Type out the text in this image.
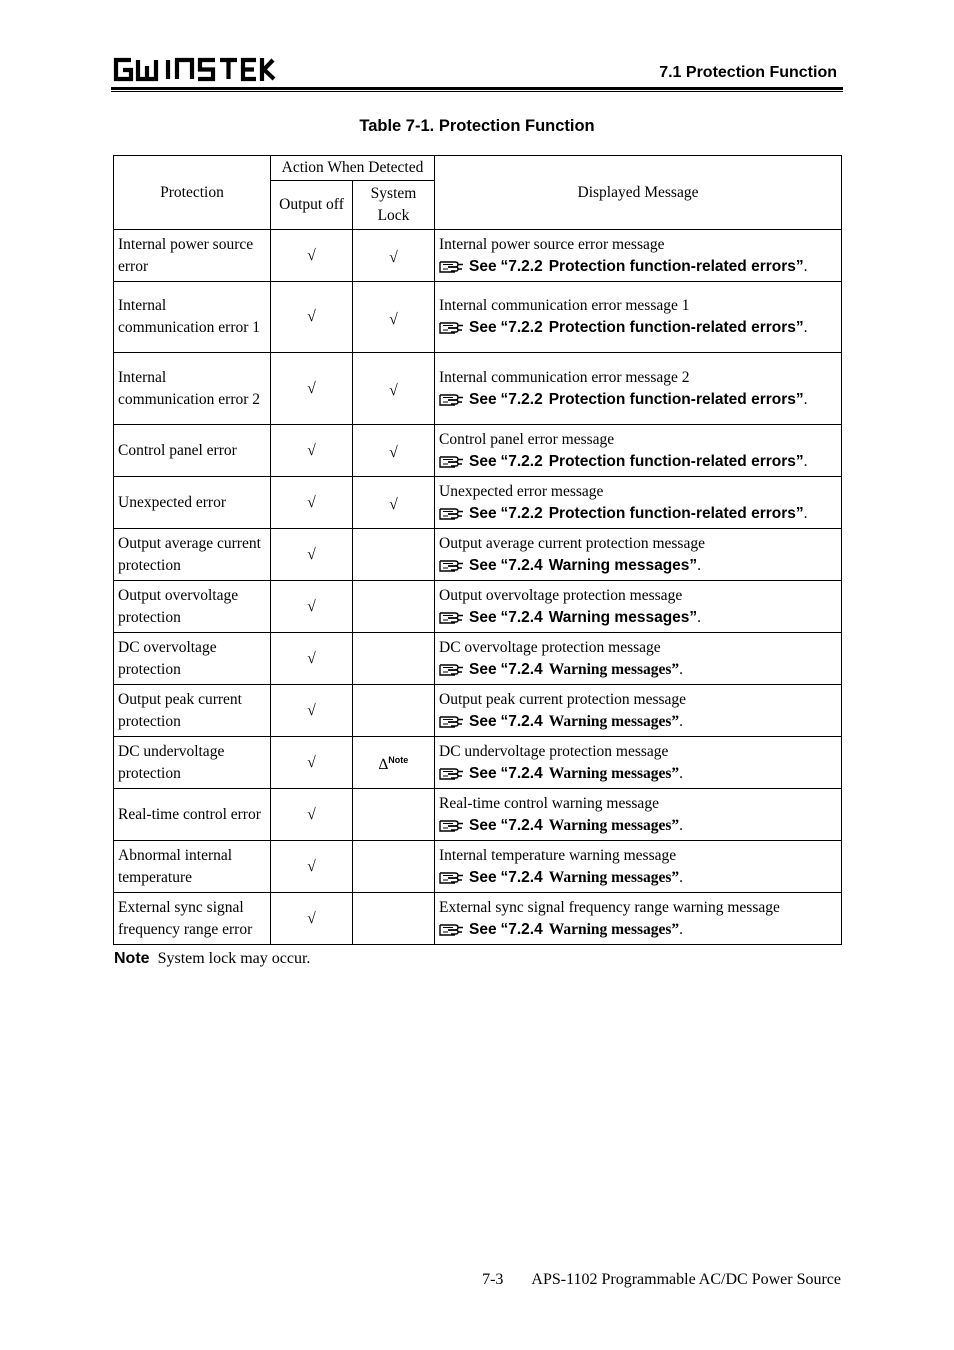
7.1 Protection Function
Table 7-1. Protection Function
Protection	Action When Detected		Displayed Message
	Output off	System Lock	
Internal power source error	√	√	Internal power source error message
See “7.2.2 Protection function-related errors”.

Internal communication error 1	√	√	Internal communication error message 1
See “7.2.2 Protection function-related errors”.

Internal communication error 2	√	√	Internal communication error message 2
See “7.2.2 Protection function-related errors”.

Control panel error	√	√	Control panel error message
See “7.2.2 Protection function-related errors”.

Unexpected error	√	√	Unexpected error message
See “7.2.2 Protection function-related errors”.

Output average current protection	√		Output average current protection message
See “7.2.4 Warning messages”.

Output overvoltage protection	√		Output overvoltage protection message
See “7.2.4 Warning messages”.

DC overvoltage protection	√		DC overvoltage protection message
See “7.2.4 Warning messages”.

Output peak current protection	√		Output peak current protection message
See “7.2.4 Warning messages”.

DC undervoltage protection	√	∆$^{Note}$	DC undervoltage protection message
See “7.2.4 Warning messages”.

Real-time control error	√		Real-time control warning message
See “7.2.4 Warning messages”.

Abnormal internal temperature	√		Internal temperature warning message
See “7.2.4 Warning messages”.

External sync signal frequency range error	√		External sync signal frequency range warning message
See “7.2.4 Warning messages”.
Note System lock may occur.
7-3 APS-1102 Programmable AC/DC Power Source
